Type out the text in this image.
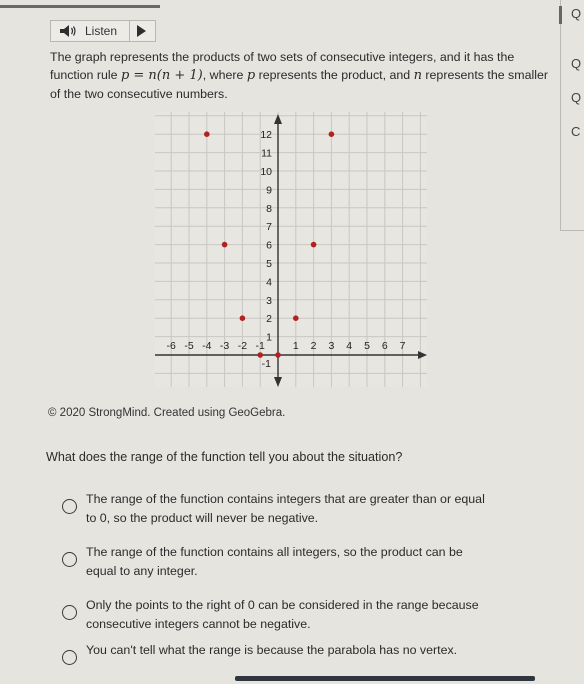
Listen
Q
Q
Q
C
The graph represents the products of two sets of consecutive integers, and it has the function rule p = n(n + 1), where p represents the product, and n represents the smaller of the two consecutive numbers.
-6 -5 -4 -3 -2 -1	1 2 3 4 5 6 7
1
2
3
4
5
6
7
8
9
10
11
12
-1
© 2020 StrongMind. Created using GeoGebra.
What does the range of the function tell you about the situation?
The range of the function contains integers that are greater than or equal
to 0, so the product will never be negative.
The range of the function contains all integers, so the product can be
equal to any integer.
Only the points to the right of 0 can be considered in the range because
consecutive integers cannot be negative.
You can't tell what the range is because the parabola has no vertex.
